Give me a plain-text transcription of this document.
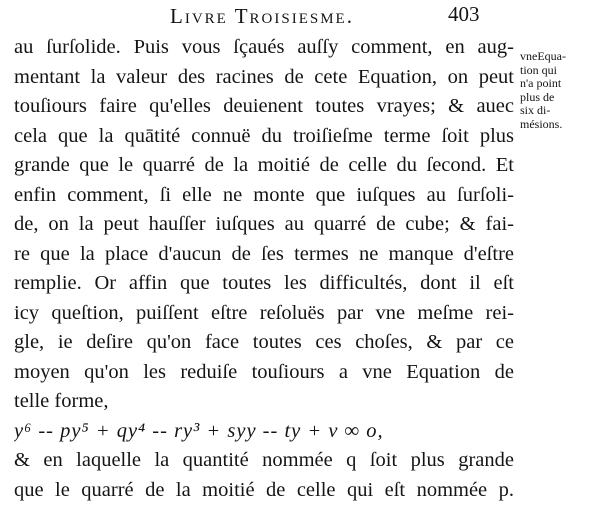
Livre Troisiesme.	403
au ſurſolide. Puis vous ſçaués auſſy comment, en aug-
mentant la valeur des racines de cete Equation, on peut
touſiours faire qu'elles deuienent toutes vrayes; & auec
cela que la quātité connuë du troiſieſme terme ſoit plus
grande que le quarré de la moitié de celle du ſecond. Et
enfin comment, ſi elle ne monte que iuſques au ſurſoli-
de, on la peut hauſſer iuſques au quarré de cube; & fai-
re que la place d'aucun de ſes termes ne manque d'eſtre
remplie. Or affin que toutes les difficultés, dont il eſt
icy queſtion, puiſſent eſtre reſoluës par vne meſme rei-
gle, ie deſire qu'on face toutes ces choſes, & par ce
moyen qu'on les reduiſe touſiours a vne Equation de
telle forme,
y⁶ -- py⁵ + qy⁴ -- ry³ + syy -- ty + v ∞ o,
& en laquelle la quantité nommée q ſoit plus grande
que le quarré de la moitié de celle qui eſt nommée p.
vneEqua-
tion qui
n'a point
plus de
six di-
mésions.
